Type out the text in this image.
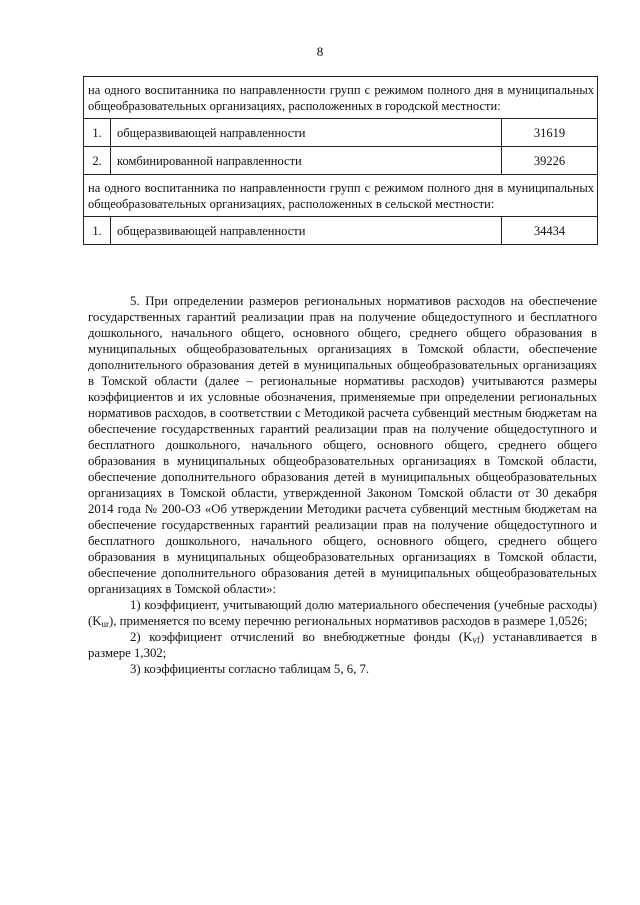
8
на одного воспитанника по направленности групп с режимом полного дня в муниципальных общеобразовательных организациях, расположенных в городской местности:		
1.	общеразвивающей направленности	31619
2.	комбинированной направленности	39226
на одного воспитанника по направленности групп с режимом полного дня в муниципальных общеобразовательных организациях, расположенных в сельской местности:		
1.	общеразвивающей направленности	34434

5. При определении размеров региональных нормативов расходов на обеспечение государственных гарантий реализации прав на получение общедоступного и бесплатного дошкольного, начального общего, основного общего, среднего общего образования в муниципальных общеобразовательных организациях в Томской области, обеспечение дополнительного образования детей в муниципальных общеобразовательных организациях в Томской области (далее – региональные нормативы расходов) учитываются размеры коэффициентов и их условные обозначения, применяемые при определении региональных нормативов расходов, в соответствии с Методикой расчета субвенций местным бюджетам на обеспечение государственных гарантий реализации прав на получение общедоступного и бесплатного дошкольного, начального общего, основного общего, среднего общего образования в муниципальных общеобразовательных организациях в Томской области, обеспечение дополнительного образования детей в муниципальных общеобразовательных организациях в Томской области, утвержденной Законом Томской области от 30 декабря 2014 года № 200-ОЗ «Об утверждении Методики расчета субвенций местным бюджетам на обеспечение государственных гарантий реализации прав на получение общедоступного и бесплатного дошкольного, начального общего, основного общего, среднего общего образования в муниципальных общеобразовательных организациях в Томской области, обеспечение дополнительного образования детей в муниципальных общеобразовательных организациях в Томской области»:

1) коэффициент, учитывающий долю материального обеспечения (учебные расходы) $(K_{ur})$, применяется по всему перечню региональных нормативов расходов в размере 1,0526;

2) коэффициент отчислений во внебюджетные фонды $(K_{vf})$ устанавливается в размере 1,302;

3) коэффициенты согласно таблицам 5, 6, 7.
